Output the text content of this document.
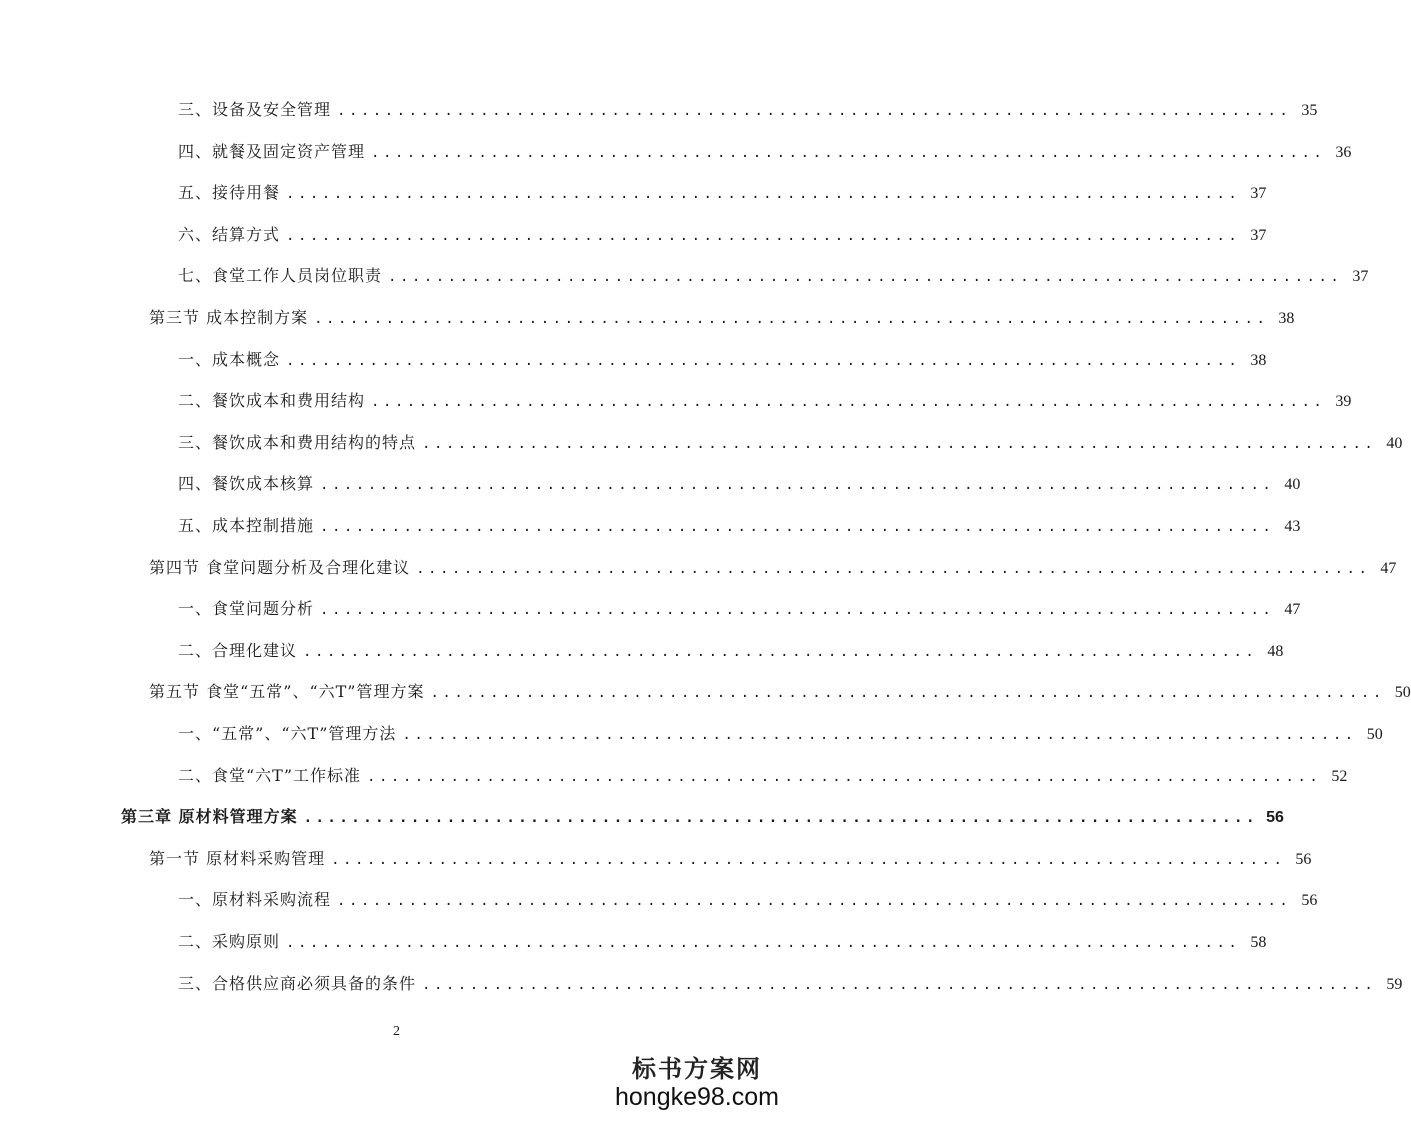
三、设备及安全管理 ................................................................................ 35
四、就餐及固定资产管理 ................................................................................ 36
五、接待用餐 ................................................................................ 37
六、结算方式 ................................................................................ 37
七、食堂工作人员岗位职责 ................................................................................ 37
第三节 成本控制方案 ................................................................................ 38
一、成本概念 ................................................................................ 38
二、餐饮成本和费用结构 ................................................................................ 39
三、餐饮成本和费用结构的特点 ................................................................................ 40
四、餐饮成本核算 ................................................................................ 40
五、成本控制措施 ................................................................................ 43
第四节 食堂问题分析及合理化建议 ................................................................................ 47
一、食堂问题分析 ................................................................................ 47
二、合理化建议 ................................................................................ 48
第五节 食堂“五常”、“六T”管理方案 ................................................................................ 50
一、“五常”、“六T”管理方法 ................................................................................ 50
二、食堂“六T”工作标准 ................................................................................ 52
第三章 原材料管理方案 ................................................................................ 56
第一节 原材料采购管理 ................................................................................ 56
一、原材料采购流程 ................................................................................ 56
二、采购原则 ................................................................................ 58
三、合格供应商必须具备的条件 ................................................................................ 59
2
标书方案网
hongke98.com
